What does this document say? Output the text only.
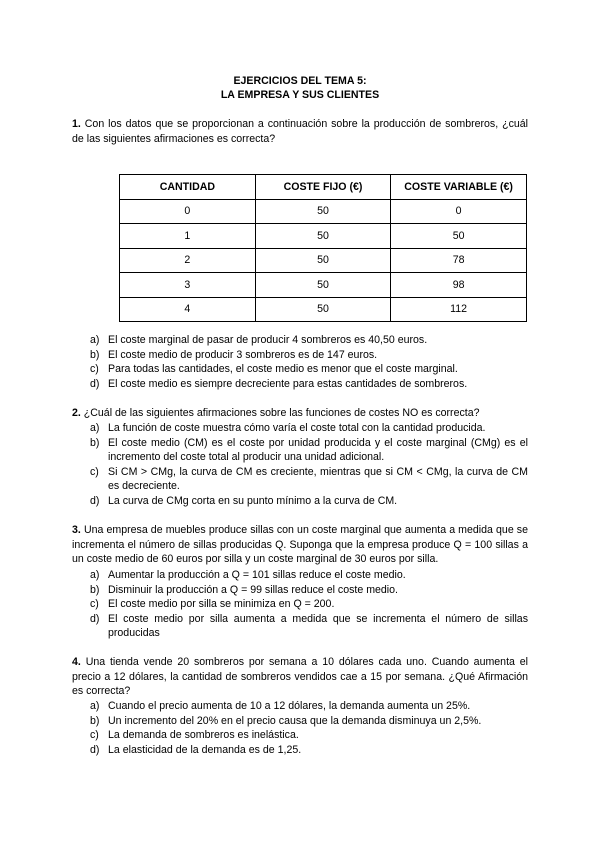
EJERCICIOS DEL TEMA 5:
LA EMPRESA Y SUS CLIENTES
1. Con los datos que se proporcionan a continuación sobre la producción de sombreros, ¿cuál de las siguientes afirmaciones es correcta?
CANTIDAD	COSTE FIJO (€)	COSTE VARIABLE (€)
0	50	0
1	50	50
2	50	78
3	50	98
4	50	112
a) El coste marginal de pasar de producir 4 sombreros es 40,50 euros.
b) El coste medio de producir 3 sombreros es de 147 euros.
c) Para todas las cantidades, el coste medio es menor que el coste marginal.
d) El coste medio es siempre decreciente para estas cantidades de sombreros.
2. ¿Cuál de las siguientes afirmaciones sobre las funciones de costes NO es correcta?
a) La función de coste muestra cómo varía el coste total con la cantidad producida.
b) El coste medio (CM) es el coste por unidad producida y el coste marginal (CMg) es el incremento del coste total al producir una unidad adicional.
c) Si CM > CMg, la curva de CM es creciente, mientras que si CM < CMg, la curva de CM es decreciente.
d) La curva de CMg corta en su punto mínimo a la curva de CM.
3. Una empresa de muebles produce sillas con un coste marginal que aumenta a medida que se incrementa el número de sillas producidas Q. Suponga que la empresa produce Q = 100 sillas a un coste medio de 60 euros por silla y un coste marginal de 30 euros por silla.
a) Aumentar la producción a Q = 101 sillas reduce el coste medio.
b) Disminuir la producción a Q = 99 sillas reduce el coste medio.
c) El coste medio por silla se minimiza en Q = 200.
d) El coste medio por silla aumenta a medida que se incrementa el número de sillas producidas
4. Una tienda vende 20 sombreros por semana a 10 dólares cada uno. Cuando aumenta el precio a 12 dólares, la cantidad de sombreros vendidos cae a 15 por semana. ¿Qué Afirmación es correcta?
a) Cuando el precio aumenta de 10 a 12 dólares, la demanda aumenta un 25%.
b) Un incremento del 20% en el precio causa que la demanda disminuya un 2,5%.
c) La demanda de sombreros es inelástica.
d) La elasticidad de la demanda es de 1,25.
